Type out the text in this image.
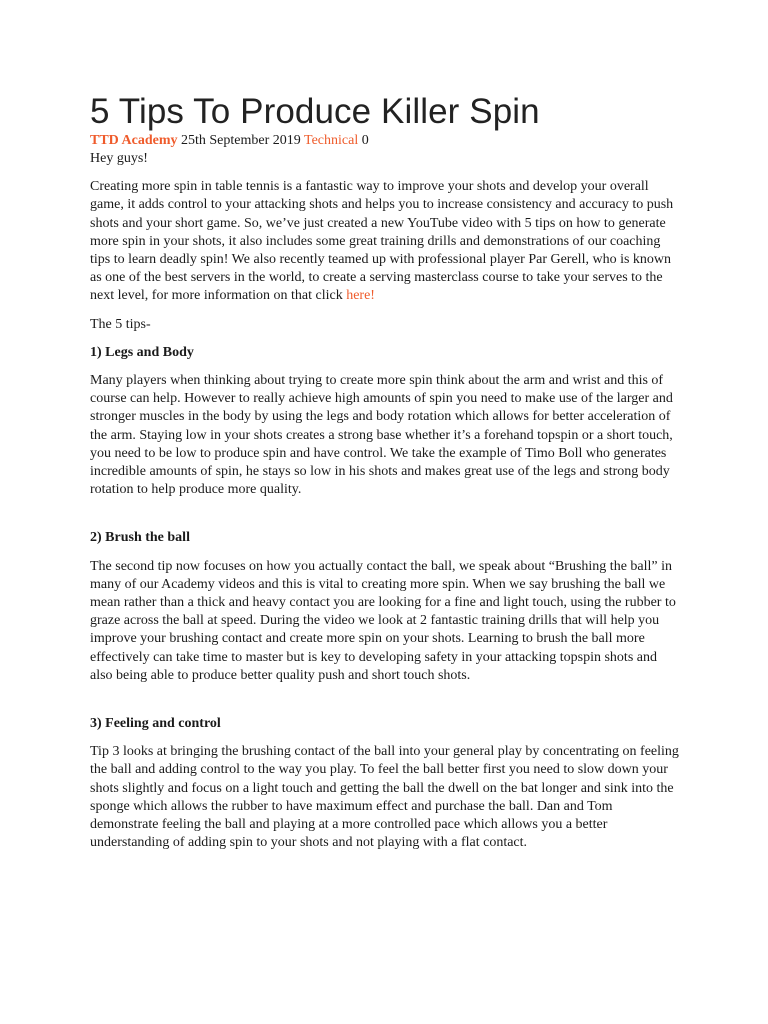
5 Tips To Produce Killer Spin
TTD Academy 25th September 2019 Technical 0

Hey guys!

Creating more spin in table tennis is a fantastic way to improve your shots and develop your overall game, it adds control to your attacking shots and helps you to increase consistency and accuracy to push shots and your short game. So, we’ve just created a new YouTube video with 5 tips on how to generate more spin in your shots, it also includes some great training drills and demonstrations of our coaching tips to learn deadly spin! We also recently teamed up with professional player Par Gerell, who is known as one of the best servers in the world, to create a serving masterclass course to take your serves to the next level, for more information on that click here!

The 5 tips-

1) Legs and Body

Many players when thinking about trying to create more spin think about the arm and wrist and this of course can help. However to really achieve high amounts of spin you need to make use of the larger and stronger muscles in the body by using the legs and body rotation which allows for better acceleration of the arm. Staying low in your shots creates a strong base whether it’s a forehand topspin or a short touch, you need to be low to produce spin and have control. We take the example of Timo Boll who generates incredible amounts of spin, he stays so low in his shots and makes great use of the legs and strong body rotation to help produce more quality.

2) Brush the ball

The second tip now focuses on how you actually contact the ball, we speak about “Brushing the ball” in many of our Academy videos and this is vital to creating more spin. When we say brushing the ball we mean rather than a thick and heavy contact you are looking for a fine and light touch, using the rubber to graze across the ball at speed. During the video we look at 2 fantastic training drills that will help you improve your brushing contact and create more spin on your shots. Learning to brush the ball more effectively can take time to master but is key to developing safety in your attacking topspin shots and also being able to produce better quality push and short touch shots.

3) Feeling and control

Tip 3 looks at bringing the brushing contact of the ball into your general play by concentrating on feeling the ball and adding control to the way you play. To feel the ball better first you need to slow down your shots slightly and focus on a light touch and getting the ball the dwell on the bat longer and sink into the sponge which allows the rubber to have maximum effect and purchase the ball. Dan and Tom demonstrate feeling the ball and playing at a more controlled pace which allows you a better understanding of adding spin to your shots and not playing with a flat contact.
